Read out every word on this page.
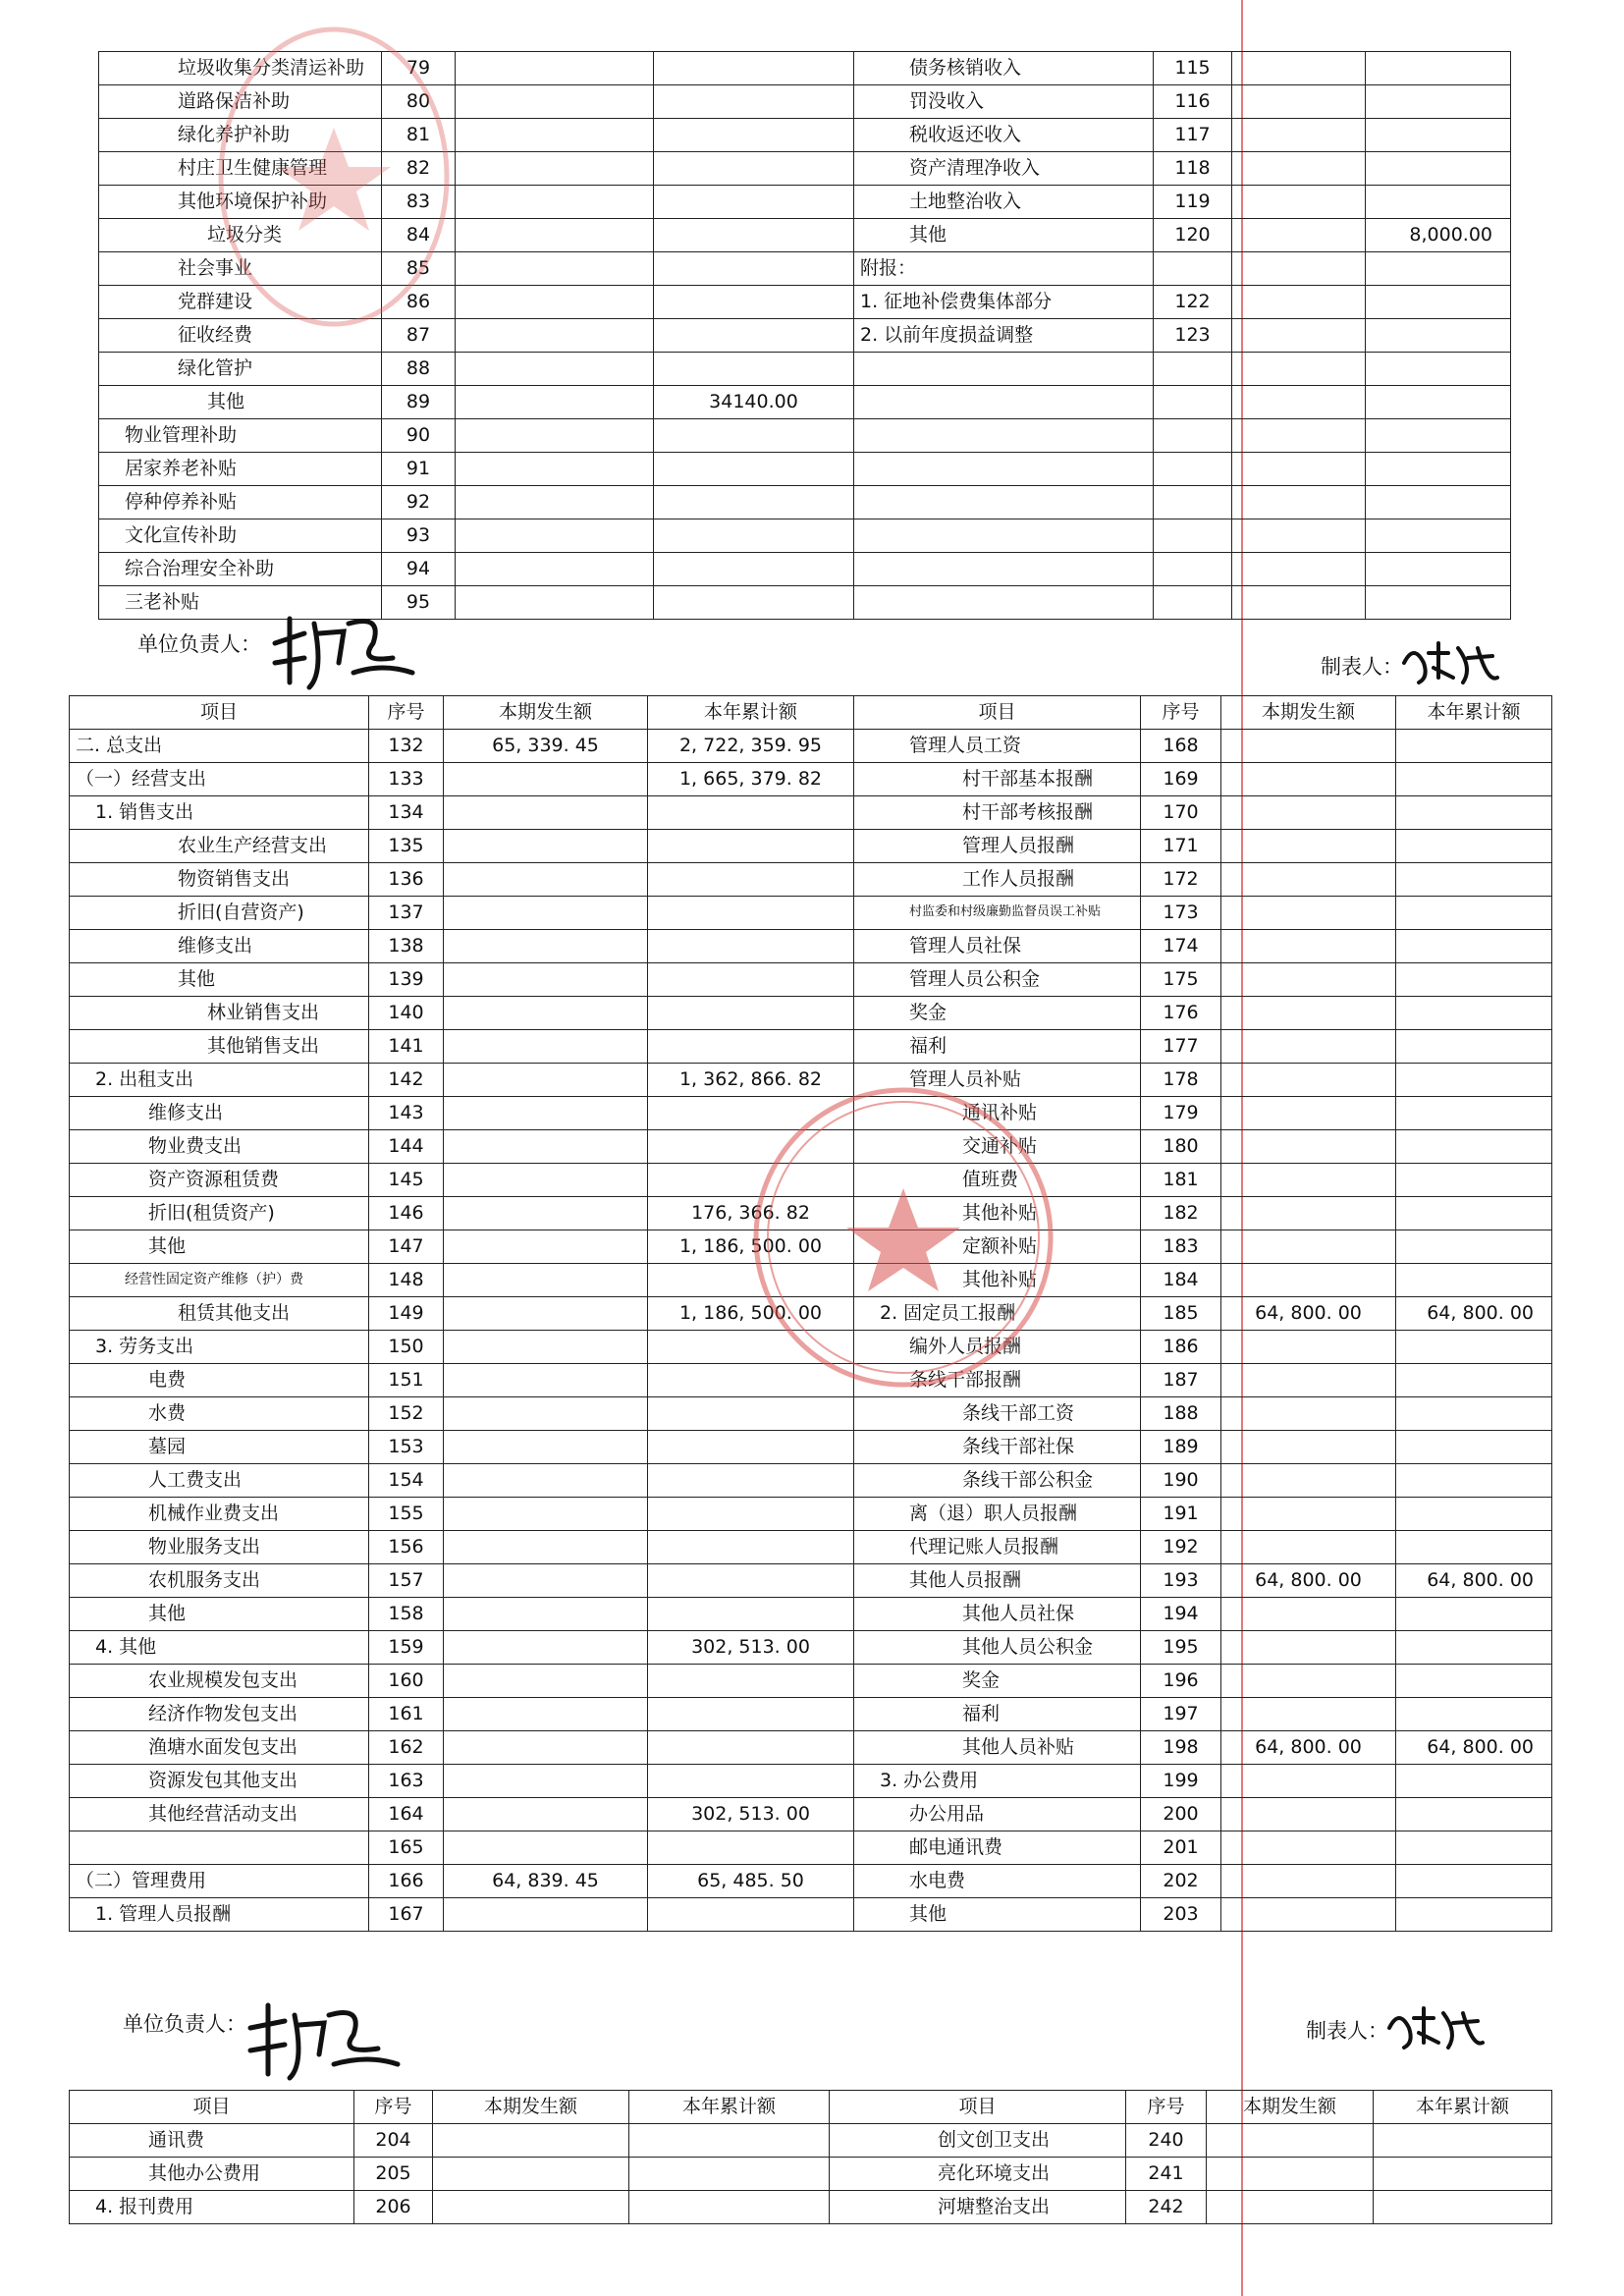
垃圾收集分类清运补助	79			债务核销收入	115		
道路保洁补助	80			罚没收入	116		
绿化养护补助	81			税收返还收入	117		
村庄卫生健康管理	82			资产清理净收入	118		
其他环境保护补助	83			土地整治收入	119		
垃圾分类	84			其他	120		8,000.00
社会事业	85			附报：			
党群建设	86			1. 征地补偿费集体部分	122		
征收经费	87			2. 以前年度损益调整	123		
绿化管护	88						
其他	89		34140.00				
物业管理补助	90						
居家养老补贴	91						
停种停养补贴	92						
文化宣传补助	93						
综合治理安全补助	94						
三老补贴	95						
单位负责人：
制表人：
项目	序号	本期发生额	本年累计额	项目	序号	本期发生额	本年累计额
二. 总支出	132	65, 339. 45	2, 722, 359. 95	管理人员工资	168		
（一）经营支出	133		1, 665, 379. 82	村干部基本报酬	169		
1. 销售支出	134			村干部考核报酬	170		
农业生产经营支出	135			管理人员报酬	171		
物资销售支出	136			工作人员报酬	172		
折旧(自营资产)	137			村监委和村级廉勤监督员误工补贴	173		
维修支出	138			管理人员社保	174		
其他	139			管理人员公积金	175		
林业销售支出	140			奖金	176		
其他销售支出	141			福利	177		
2. 出租支出	142		1, 362, 866. 82	管理人员补贴	178		
维修支出	143			通讯补贴	179		
物业费支出	144			交通补贴	180		
资产资源租赁费	145			值班费	181		
折旧(租赁资产)	146		176, 366. 82	其他补贴	182		
其他	147		1, 186, 500. 00	定额补贴	183		
经营性固定资产维修（护）费	148			其他补贴	184		
租赁其他支出	149		1, 186, 500. 00	2. 固定员工报酬	185	64, 800. 00	64, 800. 00
3. 劳务支出	150			编外人员报酬	186		
电费	151			条线干部报酬	187		
水费	152			条线干部工资	188		
墓园	153			条线干部社保	189		
人工费支出	154			条线干部公积金	190		
机械作业费支出	155			离（退）职人员报酬	191		
物业服务支出	156			代理记账人员报酬	192		
农机服务支出	157			其他人员报酬	193	64, 800. 00	64, 800. 00
其他	158			其他人员社保	194		
4. 其他	159		302, 513. 00	其他人员公积金	195		
农业规模发包支出	160			奖金	196		
经济作物发包支出	161			福利	197		
渔塘水面发包支出	162			其他人员补贴	198	64, 800. 00	64, 800. 00
资源发包其他支出	163			3. 办公费用	199		
其他经营活动支出	164		302, 513. 00	办公用品	200		
	165			邮电通讯费	201		
（二）管理费用	166	64, 839. 45	65, 485. 50	水电费	202		
1. 管理人员报酬	167			其他	203		
单位负责人：	制表人：
项目	序号	本期发生额	本年累计额	项目	序号	本期发生额	本年累计额
通讯费	204			创文创卫支出	240		
其他办公费用	205			亮化环境支出	241		
4. 报刊费用	206			河塘整治支出	242		
